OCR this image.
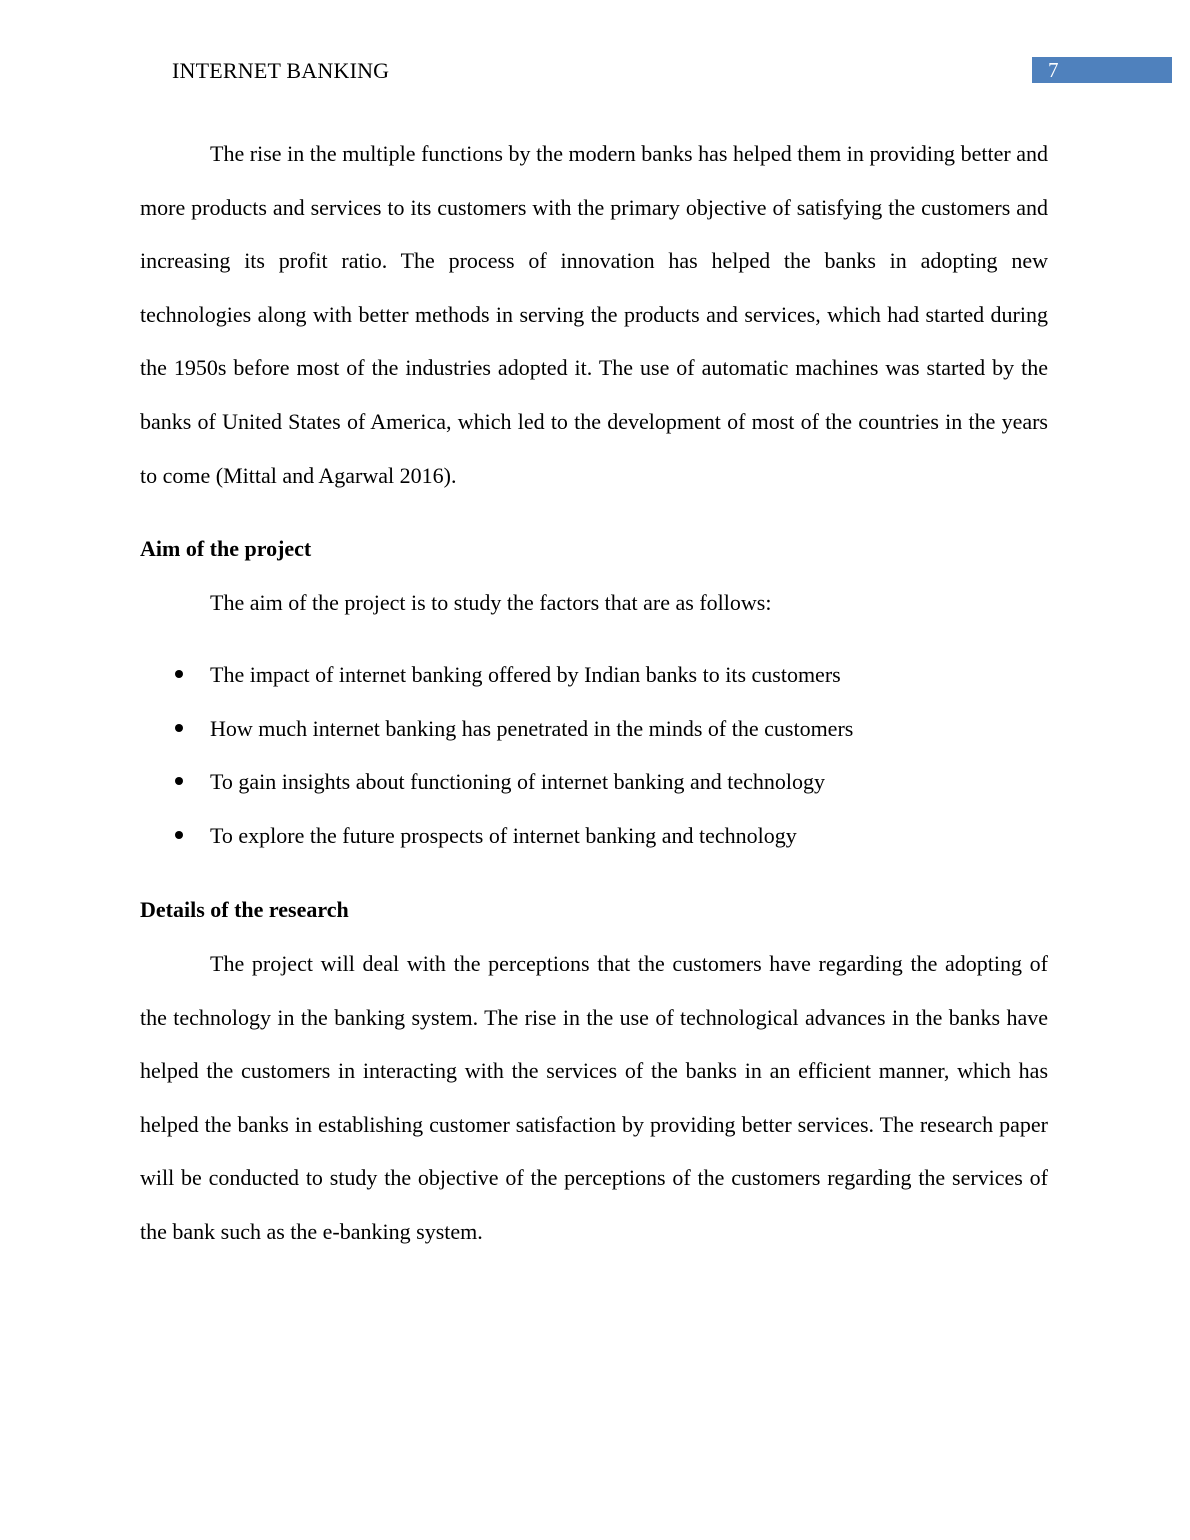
INTERNET BANKING	7

The rise in the multiple functions by the modern banks has helped them in providing better and more products and services to its customers with the primary objective of satisfying the customers and increasing its profit ratio. The process of innovation has helped the banks in adopting new technologies along with better methods in serving the products and services, which had started during the 1950s before most of the industries adopted it. The use of automatic machines was started by the banks of United States of America, which led to the development of most of the countries in the years to come (Mittal and Agarwal 2016).

Aim of the project

The aim of the project is to study the factors that are as follows:

The impact of internet banking offered by Indian banks to its customers
How much internet banking has penetrated in the minds of the customers
To gain insights about functioning of internet banking and technology
To explore the future prospects of internet banking and technology
Details of the research

The project will deal with the perceptions that the customers have regarding the adopting of the technology in the banking system. The rise in the use of technological advances in the banks have helped the customers in interacting with the services of the banks in an efficient manner, which has helped the banks in establishing customer satisfaction by providing better services. The research paper will be conducted to study the objective of the perceptions of the customers regarding the services of the bank such as the e-banking system.
